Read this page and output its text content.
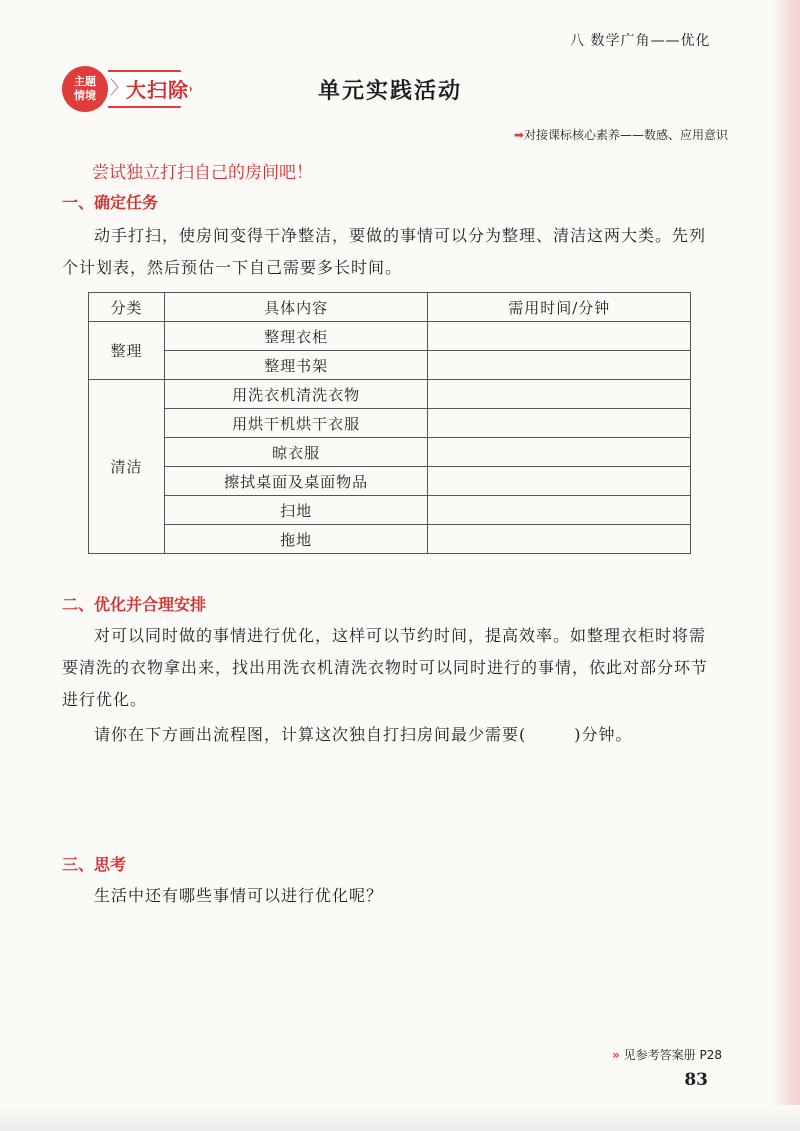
八 数学广角——优化
主题
情境 〉
大扫除	单元实践活动
➡对接课标核心素养——数感、应用意识
尝试独立打扫自己的房间吧！
一、确定任务
动手打扫，使房间变得干净整洁，要做的事情可以分为整理、清洁这两大类。先列个计划表，然后预估一下自己需要多长时间。
分类	具体内容	需用时间/分钟
整理	整理衣柜	
	整理书架	
清洁	用洗衣机清洗衣物	
	用烘干机烘干衣服	
	晾衣服	
	擦拭桌面及桌面物品	
	扫地	
	拖地	
二、优化并合理安排
对可以同时做的事情进行优化，这样可以节约时间，提高效率。如整理衣柜时将需要清洗的衣物拿出来，找出用洗衣机清洗衣物时可以同时进行的事情，依此对部分环节进行优化。
请你在下方画出流程图，计算这次独自打扫房间最少需要(	)分钟。
三、思考
生活中还有哪些事情可以进行优化呢？
» 见参考答案册 P28
83
